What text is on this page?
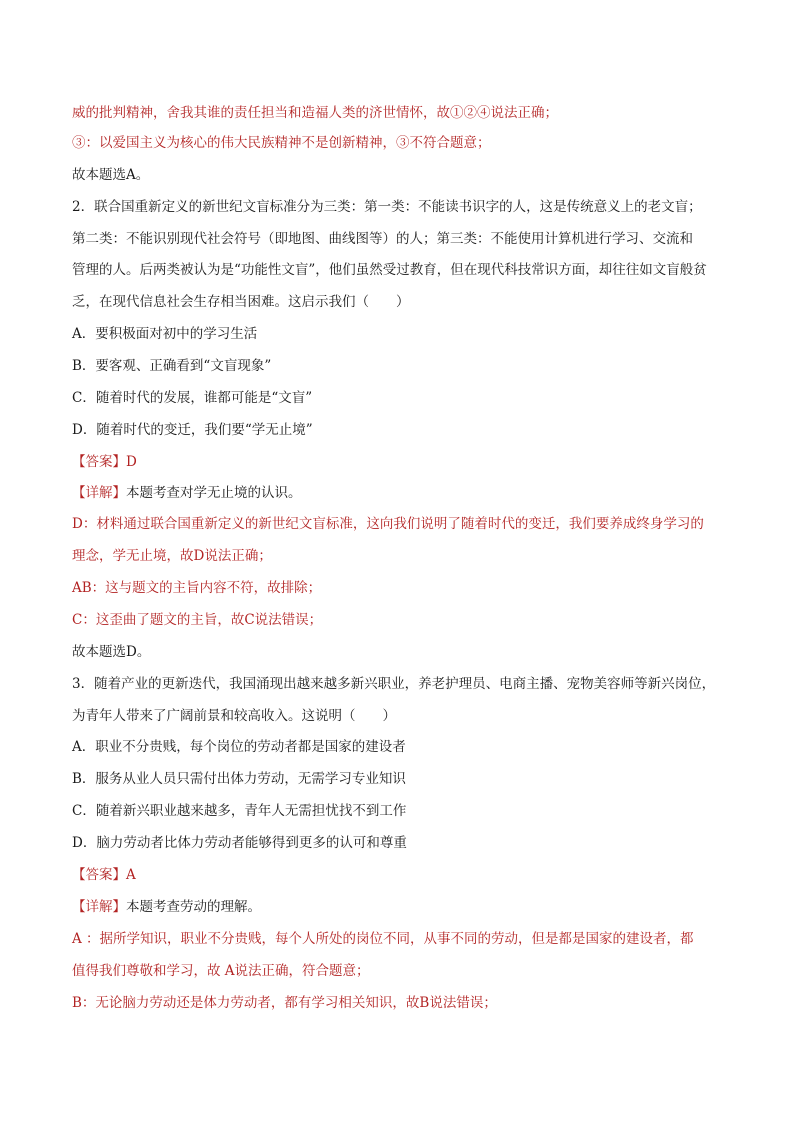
威的批判精神，舍我其谁的责任担当和造福人类的济世情怀，故①②④说法正确；
③：以爱国主义为核心的伟大民族精神不是创新精神，③不符合题意；
故本题选A。
2．联合国重新定义的新世纪文盲标准分为三类：第一类：不能读书识字的人，这是传统意义上的老文盲；
第二类：不能识别现代社会符号（即地图、曲线图等）的人；第三类：不能使用计算机进行学习、交流和
管理的人。后两类被认为是“功能性文盲”，他们虽然受过教育，但在现代科技常识方面，却往往如文盲般贫
乏，在现代信息社会生存相当困难。这启示我们（　　）
A．要积极面对初中的学习生活
B．要客观、正确看到“文盲现象”
C．随着时代的发展，谁都可能是“文盲”
D．随着时代的变迁，我们要“学无止境”
【答案】D
【详解】本题考查对学无止境的认识。
D：材料通过联合国重新定义的新世纪文盲标准，这向我们说明了随着时代的变迁，我们要养成终身学习的
理念，学无止境，故D说法正确；
AB：这与题文的主旨内容不符，故排除；
C：这歪曲了题文的主旨，故C说法错误；
故本题选D。
3．随着产业的更新迭代，我国涌现出越来越多新兴职业，养老护理员、电商主播、宠物美容师等新兴岗位，
为青年人带来了广阔前景和较高收入。这说明（　　）
A．职业不分贵贱，每个岗位的劳动者都是国家的建设者
B．服务从业人员只需付出体力劳动，无需学习专业知识
C．随着新兴职业越来越多，青年人无需担忧找不到工作
D．脑力劳动者比体力劳动者能够得到更多的认可和尊重
【答案】A
【详解】本题考查劳动的理解。
A ：据所学知识，职业不分贵贱，每个人所处的岗位不同，从事不同的劳动，但是都是国家的建设者，都
值得我们尊敬和学习，故 A说法正确，符合题意；
B：无论脑力劳动还是体力劳动者，都有学习相关知识，故B说法错误；
